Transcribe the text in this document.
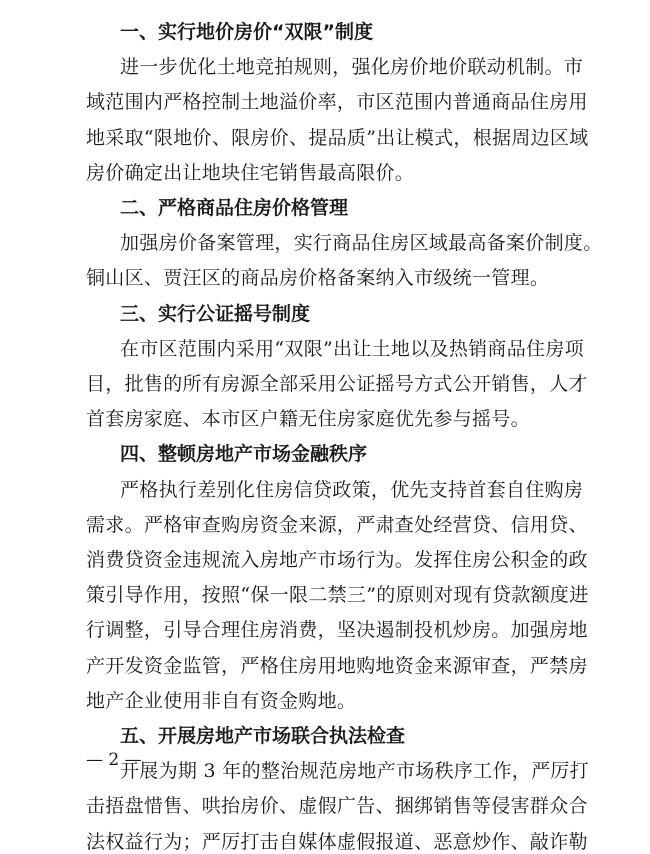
— 2 —
一、实行地价房价“双限”制度
进一步优化土地竞拍规则，强化房价地价联动机制。市
域范围内严格控制土地溢价率，市区范围内普通商品住房用
地采取“限地价、限房价、提品质”出让模式，根据周边区域
房价确定出让地块住宅销售最高限价。
二、严格商品住房价格管理
加强房价备案管理，实行商品住房区域最高备案价制度。
铜山区、贾汪区的商品房价格备案纳入市级统一管理。
三、实行公证摇号制度
在市区范围内采用“双限”出让土地以及热销商品住房项
目，批售的所有房源全部采用公证摇号方式公开销售，人才
首套房家庭、本市区户籍无住房家庭优先参与摇号。
四、整顿房地产市场金融秩序
严格执行差别化住房信贷政策，优先支持首套自住购房
需求。严格审查购房资金来源，严肃查处经营贷、信用贷、
消费贷资金违规流入房地产市场行为。发挥住房公积金的政
策引导作用，按照“保一限二禁三”的原则对现有贷款额度进
行调整，引导合理住房消费，坚决遏制投机炒房。加强房地
产开发资金监管，严格住房用地购地资金来源审查，严禁房
地产企业使用非自有资金购地。
五、开展房地产市场联合执法检查
开展为期 3 年的整治规范房地产市场秩序工作，严厉打
击捂盘惜售、哄抬房价、虚假广告、捆绑销售等侵害群众合
法权益行为；严厉打击自媒体虚假报道、恶意炒作、敲诈勒
